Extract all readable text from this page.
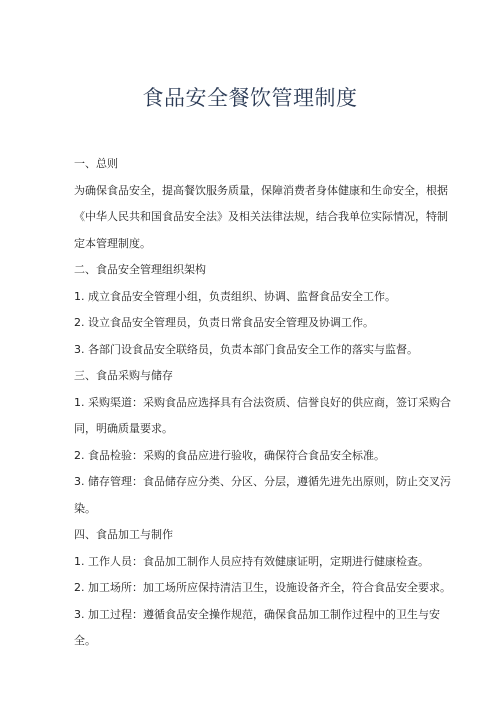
食品安全餐饮管理制度
一、总则
为确保食品安全，提高餐饮服务质量，保障消费者身体健康和生命安全，根据
《中华人民共和国食品安全法》及相关法律法规，结合我单位实际情况，特制
定本管理制度。
二、食品安全管理组织架构
1. 成立食品安全管理小组，负责组织、协调、监督食品安全工作。
2. 设立食品安全管理员，负责日常食品安全管理及协调工作。
3. 各部门设食品安全联络员，负责本部门食品安全工作的落实与监督。
三、食品采购与储存
1. 采购渠道：采购食品应选择具有合法资质、信誉良好的供应商，签订采购合
同，明确质量要求。
2. 食品检验：采购的食品应进行验收，确保符合食品安全标准。
3. 储存管理：食品储存应分类、分区、分层，遵循先进先出原则，防止交叉污
染。
四、食品加工与制作
1. 工作人员：食品加工制作人员应持有效健康证明，定期进行健康检查。
2. 加工场所：加工场所应保持清洁卫生，设施设备齐全，符合食品安全要求。
3. 加工过程：遵循食品安全操作规范，确保食品加工制作过程中的卫生与安
全。
